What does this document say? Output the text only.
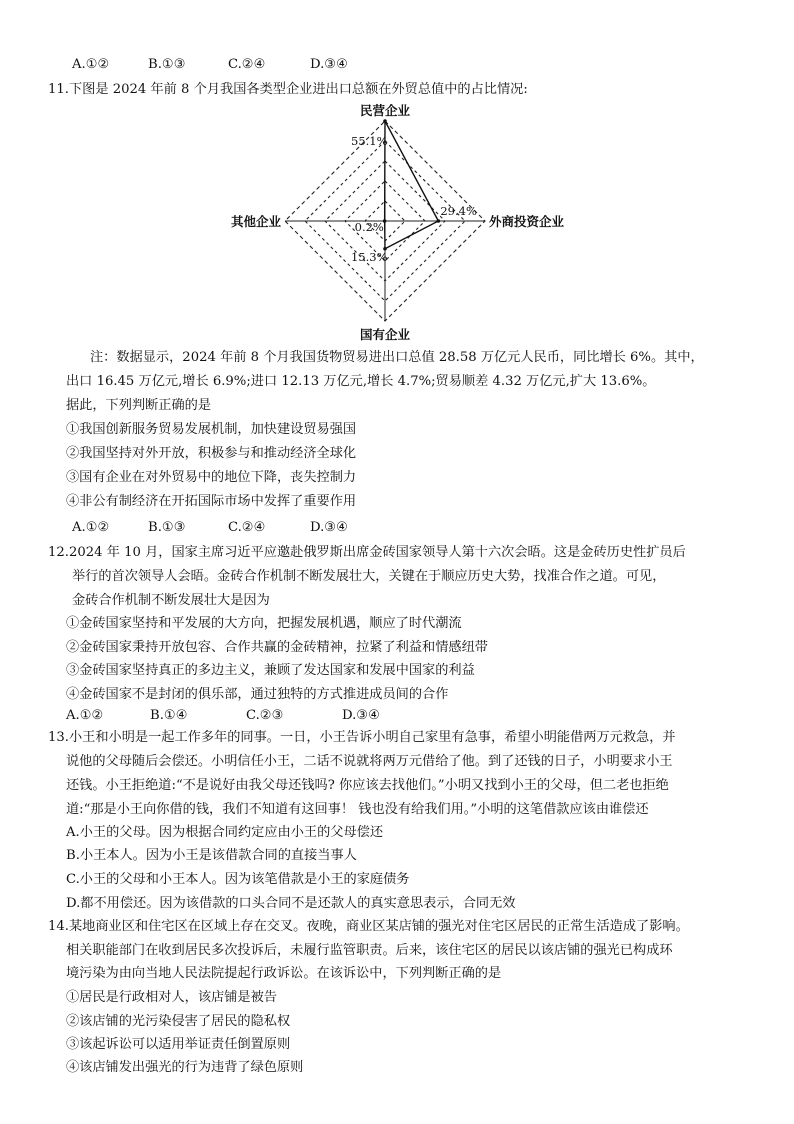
A.①②	B.①③	C.②④	D.③④
11.下图是 2024 年前 8 个月我国各类型企业进出口总额在外贸总值中的占比情况:
55.1%
29.4%
15.3%
0.2%
民营企业
外商投资企业
国有企业
其他企业
注：数据显示，2024 年前 8 个月我国货物贸易进出口总值 28.58 万亿元人民币，同比增长 6%。其中，
出口 16.45 万亿元,增长 6.9%;进口 12.13 万亿元,增长 4.7%;贸易顺差 4.32 万亿元,扩大 13.6%。
据此，下列判断正确的是
①我国创新服务贸易发展机制，加快建设贸易强国
②我国坚持对外开放，积极参与和推动经济全球化
③国有企业在对外贸易中的地位下降，丧失控制力
④非公有制经济在开拓国际市场中发挥了重要作用
A.①②	B.①③	C.②④	D.③④
12.2024 年 10 月，国家主席习近平应邀赴俄罗斯出席金砖国家领导人第十六次会晤。这是金砖历史性扩员后
举行的首次领导人会晤。金砖合作机制不断发展壮大，关键在于顺应历史大势，找准合作之道。可见，
金砖合作机制不断发展壮大是因为
①金砖国家坚持和平发展的大方向，把握发展机遇，顺应了时代潮流
②金砖国家秉持开放包容、合作共赢的金砖精神，拉紧了利益和情感纽带
③金砖国家坚持真正的多边主义，兼顾了发达国家和发展中国家的利益
④金砖国家不是封闭的俱乐部，通过独特的方式推进成员间的合作
A.①②	B.①④	C.②③	D.③④
13.小王和小明是一起工作多年的同事。一日，小王告诉小明自己家里有急事，希望小明能借两万元救急，并
说他的父母随后会偿还。小明信任小王，二话不说就将两万元借给了他。到了还钱的日子，小明要求小王
还钱。小王拒绝道:“不是说好由我父母还钱吗? 你应该去找他们。”小明又找到小王的父母，但二老也拒绝
道:“那是小王向你借的钱，我们不知道有这回事！ 钱也没有给我们用。”小明的这笔借款应该由谁偿还
A.小王的父母。因为根据合同约定应由小王的父母偿还
B.小王本人。因为小王是该借款合同的直接当事人
C.小王的父母和小王本人。因为该笔借款是小王的家庭债务
D.都不用偿还。因为该借款的口头合同不是还款人的真实意思表示，合同无效
14.某地商业区和住宅区在区域上存在交叉。夜晚，商业区某店铺的强光对住宅区居民的正常生活造成了影响。
相关职能部门在收到居民多次投诉后，未履行监管职责。后来，该住宅区的居民以该店铺的强光已构成环
境污染为由向当地人民法院提起行政诉讼。在该诉讼中，下列判断正确的是
①居民是行政相对人，该店铺是被告
②该店铺的光污染侵害了居民的隐私权
③该起诉讼可以适用举证责任倒置原则
④该店铺发出强光的行为违背了绿色原则
